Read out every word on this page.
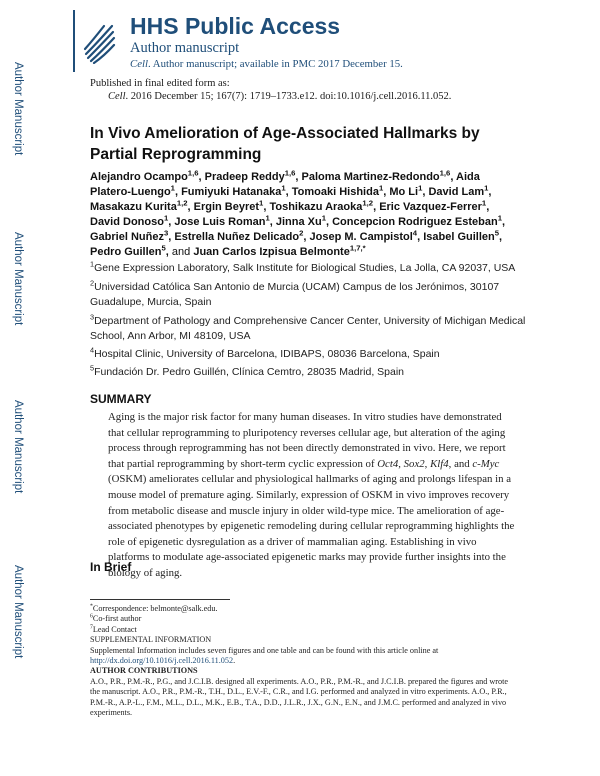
Author Manuscript
Author Manuscript
Author Manuscript
Author Manuscript
HHS Public Access
Author manuscript
Cell. Author manuscript; available in PMC 2017 December 15.
Published in final edited form as:
Cell. 2016 December 15; 167(7): 1719–1733.e12. doi:10.1016/j.cell.2016.11.052.
In Vivo Amelioration of Age-Associated Hallmarks by Partial Reprogramming
Alejandro Ocampo$^{1,6}$, Pradeep Reddy$^{1,6}$, Paloma Martinez-Redondo$^{1,6}$, Aida Platero-Luengo$^1$, Fumiyuki Hatanaka$^1$, Tomoaki Hishida$^1$, Mo Li$^1$, David Lam$^1$, Masakazu Kurita$^{1,2}$, Ergin Beyret$^1$, Toshikazu Araoka$^{1,2}$, Eric Vazquez-Ferrer$^1$, David Donoso$^1$, Jose Luis Roman$^1$, Jinna Xu$^1$, Concepcion Rodriguez Esteban$^1$, Gabriel Nuñez$^3$, Estrella Nuñez Delicado$^2$, Josep M. Campistol$^4$, Isabel Guillen$^5$, Pedro Guillen$^5$, and Juan Carlos Izpisua Belmonte$^{1,7,*}$
$^1$Gene Expression Laboratory, Salk Institute for Biological Studies, La Jolla, CA 92037, USA
$^2$Universidad Católica San Antonio de Murcia (UCAM) Campus de los Jerónimos, 30107 Guadalupe, Murcia, Spain
$^3$Department of Pathology and Comprehensive Cancer Center, University of Michigan Medical School, Ann Arbor, MI 48109, USA
$^4$Hospital Clinic, University of Barcelona, IDIBAPS, 08036 Barcelona, Spain
$^5$Fundación Dr. Pedro Guillén, Clínica Cemtro, 28035 Madrid, Spain
SUMMARY
Aging is the major risk factor for many human diseases. In vitro studies have demonstrated that cellular reprogramming to pluripotency reverses cellular age, but alteration of the aging process through reprogramming has not been directly demonstrated in vivo. Here, we report that partial reprogramming by short-term cyclic expression of Oct4, Sox2, Klf4, and c-Myc (OSKM) ameliorates cellular and physiological hallmarks of aging and prolongs lifespan in a mouse model of premature aging. Similarly, expression of OSKM in vivo improves recovery from metabolic disease and muscle injury in older wild-type mice. The amelioration of age-associated phenotypes by epigenetic remodeling during cellular reprogramming highlights the role of epigenetic dysregulation as a driver of mammalian aging. Establishing in vivo platforms to modulate age-associated epigenetic marks may provide further insights into the biology of aging.
In Brief
*Correspondence: belmonte@salk.edu.
$^6$Co-first author
$^7$Lead Contact
SUPPLEMENTAL INFORMATION
Supplemental Information includes seven figures and one table and can be found with this article online at http://dx.doi.org/10.1016/j.cell.2016.11.052.
AUTHOR CONTRIBUTIONS
A.O., P.R., P.M.-R., P.G., and J.C.I.B. designed all experiments. A.O., P.R., P.M.-R., and J.C.I.B. prepared the figures and wrote the manuscript. A.O., P.R., P.M.-R., T.H., D.L., E.V.-F., C.R., and I.G. performed and analyzed in vitro experiments. A.O., P.R., P.M.-R., A.P.-L., F.M., M.L., D.L., M.K., E.B., T.A., D.D., J.L.R., J.X., G.N., E.N., and J.M.C. performed and analyzed in vivo experiments.
